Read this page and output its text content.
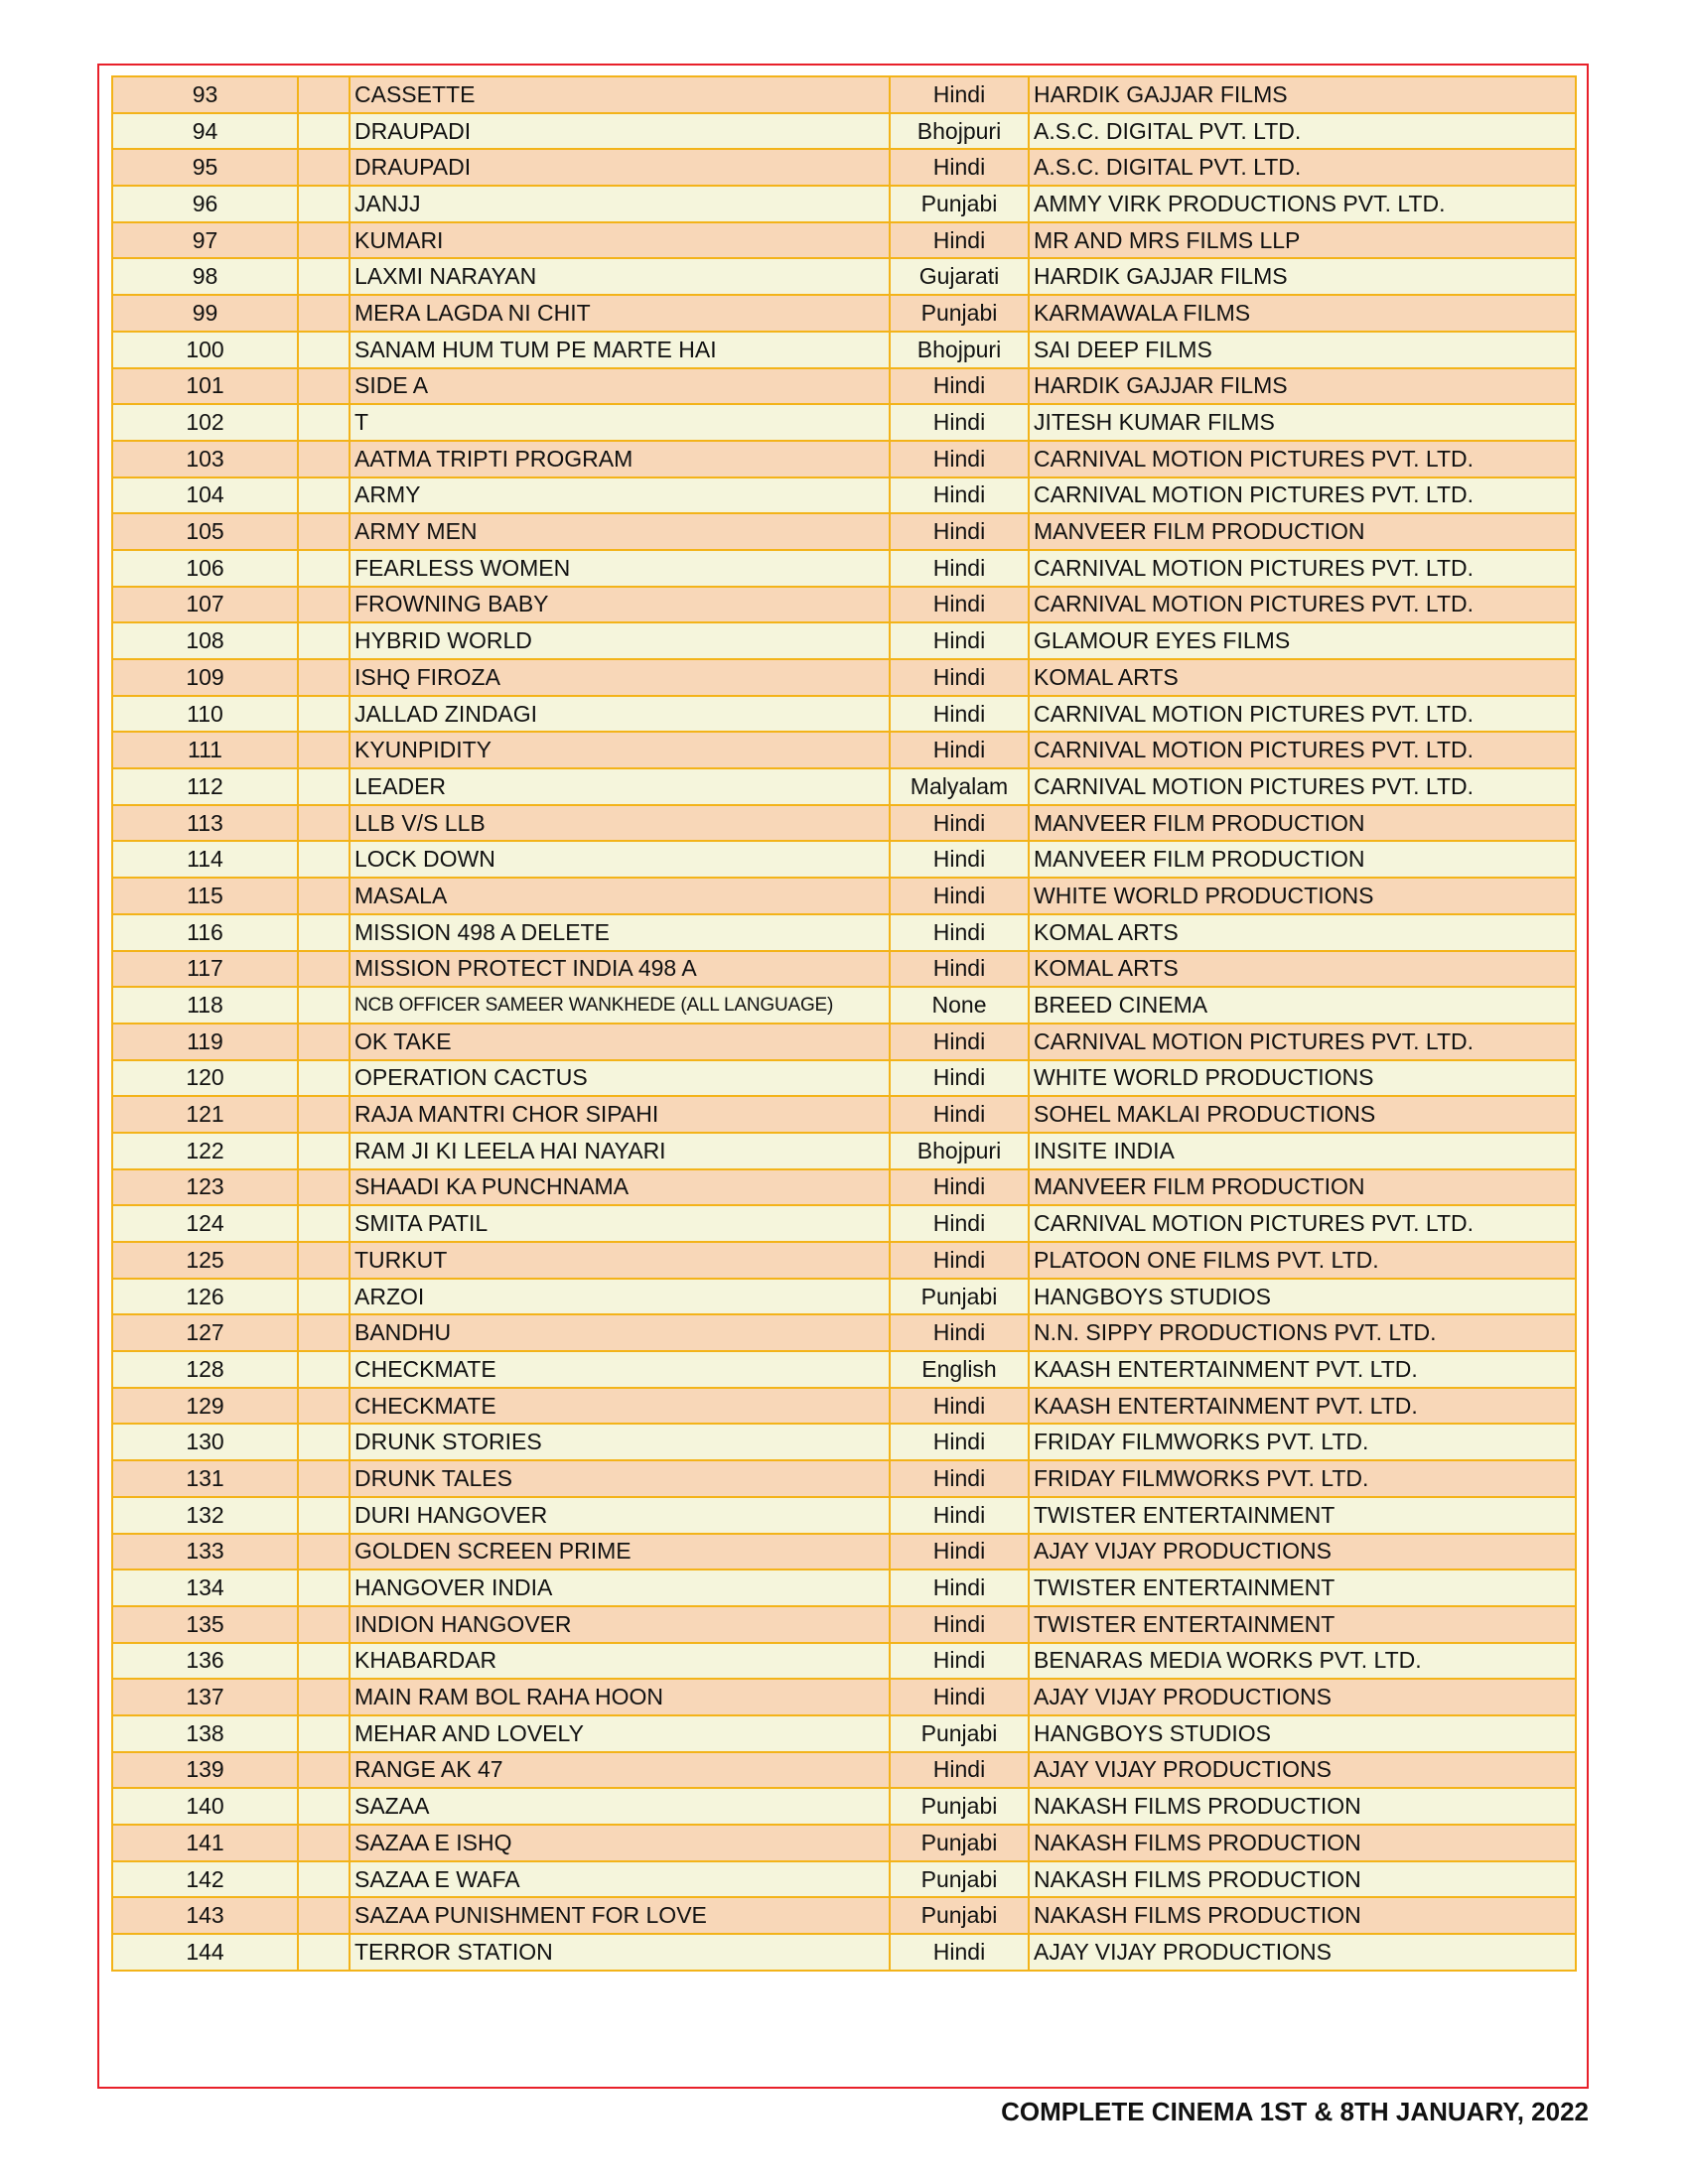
93		CASSETTE	Hindi	HARDIK GAJJAR FILMS
94		DRAUPADI	Bhojpuri	A.S.C. DIGITAL PVT. LTD.
95		DRAUPADI	Hindi	A.S.C. DIGITAL PVT. LTD.
96		JANJJ	Punjabi	AMMY VIRK PRODUCTIONS PVT. LTD.
97		KUMARI	Hindi	MR AND MRS FILMS LLP
98		LAXMI NARAYAN	Gujarati	HARDIK GAJJAR FILMS
99		MERA LAGDA NI CHIT	Punjabi	KARMAWALA FILMS
100		SANAM HUM TUM PE MARTE HAI	Bhojpuri	SAI DEEP FILMS
101		SIDE A	Hindi	HARDIK GAJJAR FILMS
102		T	Hindi	JITESH KUMAR FILMS
103		AATMA TRIPTI PROGRAM	Hindi	CARNIVAL MOTION PICTURES PVT. LTD.
104		ARMY	Hindi	CARNIVAL MOTION PICTURES PVT. LTD.
105		ARMY MEN	Hindi	MANVEER FILM PRODUCTION
106		FEARLESS WOMEN	Hindi	CARNIVAL MOTION PICTURES PVT. LTD.
107		FROWNING BABY	Hindi	CARNIVAL MOTION PICTURES PVT. LTD.
108		HYBRID WORLD	Hindi	GLAMOUR EYES FILMS
109		ISHQ FIROZA	Hindi	KOMAL ARTS
110		JALLAD ZINDAGI	Hindi	CARNIVAL MOTION PICTURES PVT. LTD.
111		KYUNPIDITY	Hindi	CARNIVAL MOTION PICTURES PVT. LTD.
112		LEADER	Malyalam	CARNIVAL MOTION PICTURES PVT. LTD.
113		LLB V/S LLB	Hindi	MANVEER FILM PRODUCTION
114		LOCK DOWN	Hindi	MANVEER FILM PRODUCTION
115		MASALA	Hindi	WHITE WORLD PRODUCTIONS
116		MISSION 498 A DELETE	Hindi	KOMAL ARTS
117		MISSION PROTECT INDIA 498 A	Hindi	KOMAL ARTS
118		NCB OFFICER SAMEER WANKHEDE (ALL LANGUAGE)	None	BREED CINEMA
119		OK TAKE	Hindi	CARNIVAL MOTION PICTURES PVT. LTD.
120		OPERATION CACTUS	Hindi	WHITE WORLD PRODUCTIONS
121		RAJA MANTRI CHOR SIPAHI	Hindi	SOHEL MAKLAI PRODUCTIONS
122		RAM JI KI LEELA HAI NAYARI	Bhojpuri	INSITE INDIA
123		SHAADI KA PUNCHNAMA	Hindi	MANVEER FILM PRODUCTION
124		SMITA PATIL	Hindi	CARNIVAL MOTION PICTURES PVT. LTD.
125		TURKUT	Hindi	PLATOON ONE FILMS PVT. LTD.
126		ARZOI	Punjabi	HANGBOYS STUDIOS
127		BANDHU	Hindi	N.N. SIPPY PRODUCTIONS PVT. LTD.
128		CHECKMATE	English	KAASH ENTERTAINMENT PVT. LTD.
129		CHECKMATE	Hindi	KAASH ENTERTAINMENT PVT. LTD.
130		DRUNK STORIES	Hindi	FRIDAY FILMWORKS PVT. LTD.
131		DRUNK TALES	Hindi	FRIDAY FILMWORKS PVT. LTD.
132		DURI HANGOVER	Hindi	TWISTER ENTERTAINMENT
133		GOLDEN SCREEN PRIME	Hindi	AJAY VIJAY PRODUCTIONS
134		HANGOVER INDIA	Hindi	TWISTER ENTERTAINMENT
135		INDION HANGOVER	Hindi	TWISTER ENTERTAINMENT
136		KHABARDAR	Hindi	BENARAS MEDIA WORKS PVT. LTD.
137		MAIN RAM BOL RAHA HOON	Hindi	AJAY VIJAY PRODUCTIONS
138		MEHAR AND LOVELY	Punjabi	HANGBOYS STUDIOS
139		RANGE AK 47	Hindi	AJAY VIJAY PRODUCTIONS
140		SAZAA	Punjabi	NAKASH FILMS PRODUCTION
141		SAZAA E ISHQ	Punjabi	NAKASH FILMS PRODUCTION
142		SAZAA E WAFA	Punjabi	NAKASH FILMS PRODUCTION
143		SAZAA PUNISHMENT FOR LOVE	Punjabi	NAKASH FILMS PRODUCTION
144		TERROR STATION	Hindi	AJAY VIJAY PRODUCTIONS
COMPLETE CINEMA 1ST & 8TH JANUARY, 2022
